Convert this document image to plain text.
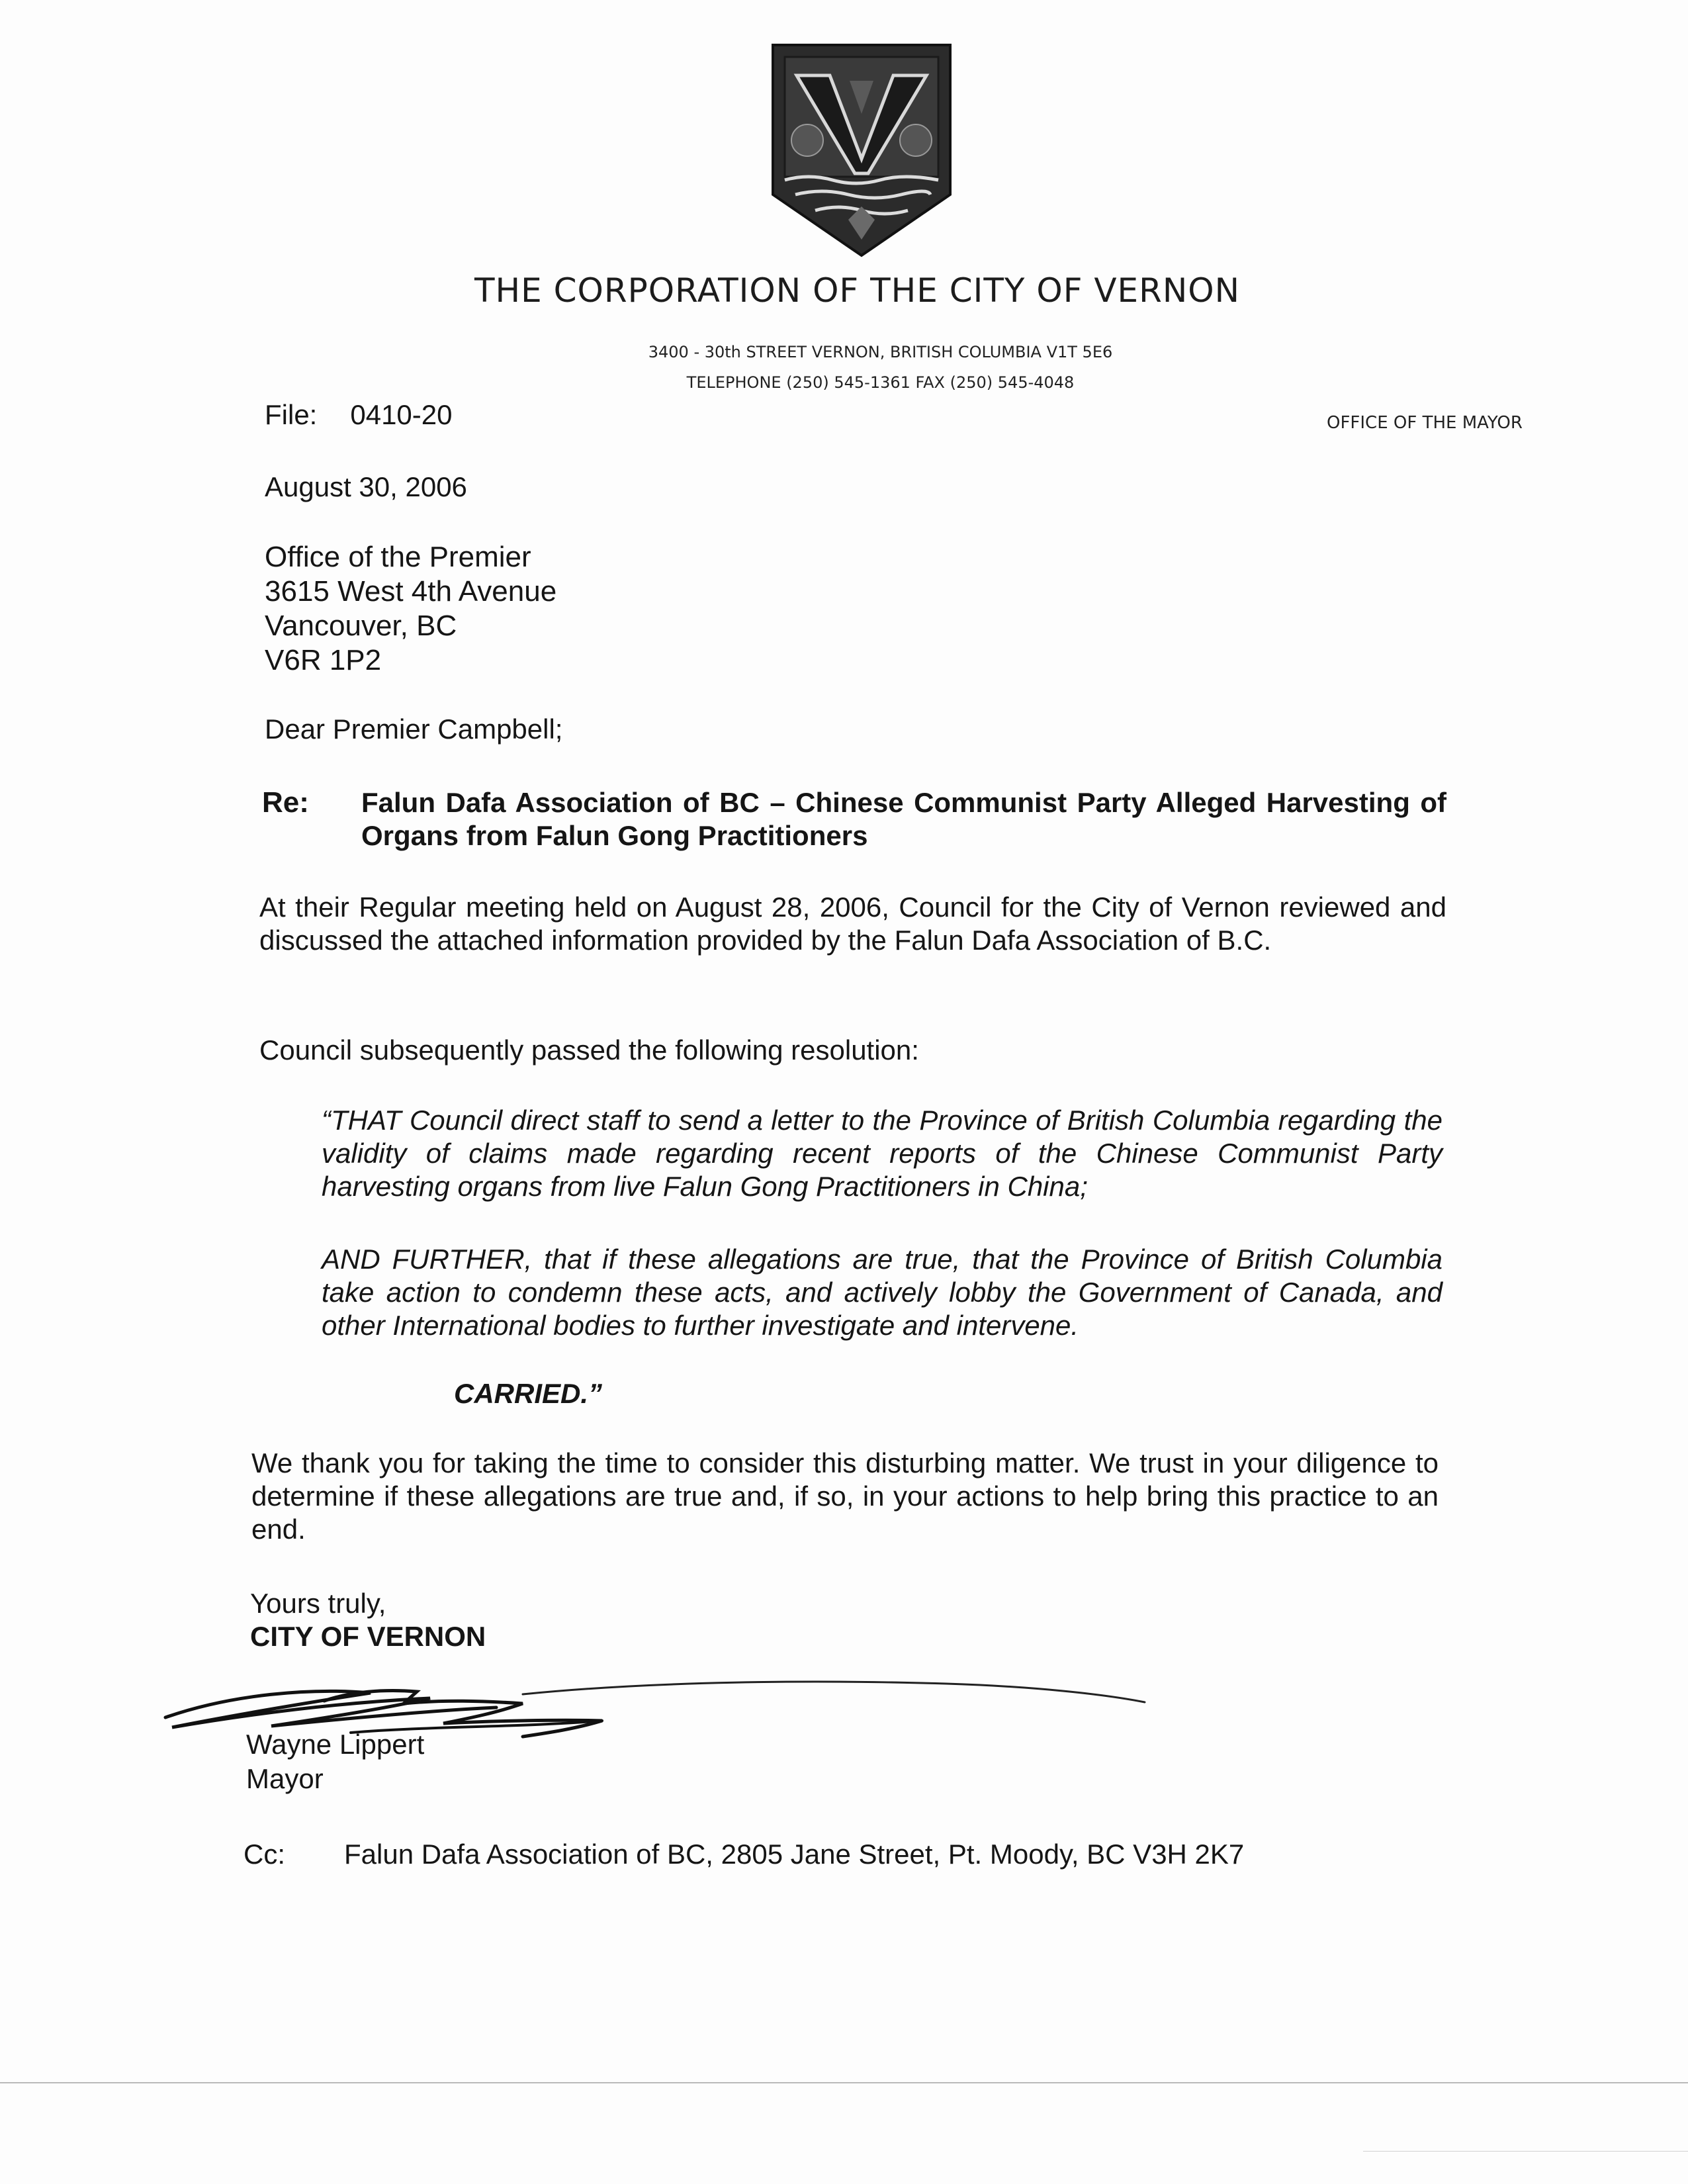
THE CORPORATION OF THE CITY OF VERNON
3400 - 30th STREET VERNON, BRITISH COLUMBIA V1T 5E6
TELEPHONE (250) 545-1361 FAX (250) 545-4048
OFFICE OF THE MAYOR
File: 0410-20
August 30, 2006
Office of the Premier
3615 West 4th Avenue
Vancouver, BC
V6R 1P2
Dear Premier Campbell;
Re: Falun Dafa Association of BC – Chinese Communist Party Alleged Harvesting of Organs from Falun Gong Practitioners
At their Regular meeting held on August 28, 2006, Council for the City of Vernon reviewed and discussed the attached information provided by the Falun Dafa Association of B.C.
Council subsequently passed the following resolution:
“THAT Council direct staff to send a letter to the Province of British Columbia regarding the validity of claims made regarding recent reports of the Chinese Communist Party harvesting organs from live Falun Gong Practitioners in China;
AND FURTHER, that if these allegations are true, that the Province of British Columbia take action to condemn these acts, and actively lobby the Government of Canada, and other International bodies to further investigate and intervene.
CARRIED.”
We thank you for taking the time to consider this disturbing matter. We trust in your diligence to determine if these allegations are true and, if so, in your actions to help bring this practice to an end.
Yours truly,
CITY OF VERNON
Wayne Lippert
Mayor
Cc: Falun Dafa Association of BC, 2805 Jane Street, Pt. Moody, BC V3H 2K7
